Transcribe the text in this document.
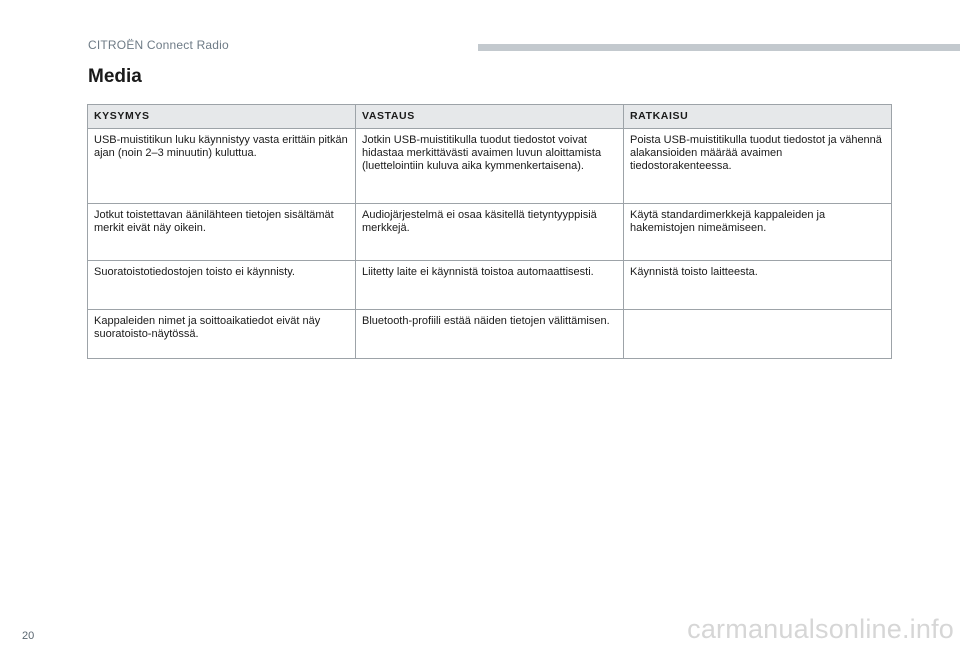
CITROËN Connect Radio
Media
KYSYMYS	VASTAUS	RATKAISU
USB-muistitikun luku käynnistyy vasta erittäin pitkän ajan (noin 2–3 minuutin) kuluttua.	Jotkin USB-muistitikulla tuodut tiedostot voivat hidastaa merkittävästi avaimen luvun aloittamista (luettelointiin kuluva aika kymmenkertaisena).	Poista USB-muistitikulla tuodut tiedostot ja vähennä alakansioiden määrää avaimen tiedostorakenteessa.
Jotkut toistettavan äänilähteen tietojen sisältämät merkit eivät näy oikein.	Audiojärjestelmä ei osaa käsitellä tietyntyyppisiä merkkejä.	Käytä standardimerkkejä kappaleiden ja hakemistojen nimeämiseen.
Suoratoistotiedostojen toisto ei käynnisty.	Liitetty laite ei käynnistä toistoa automaattisesti.	Käynnistä toisto laitteesta.
Kappaleiden nimet ja soittoaikatiedot eivät näy suoratoisto-näytössä.	Bluetooth-profiili estää näiden tietojen välittämisen.	
20	carmanualsonline.info
